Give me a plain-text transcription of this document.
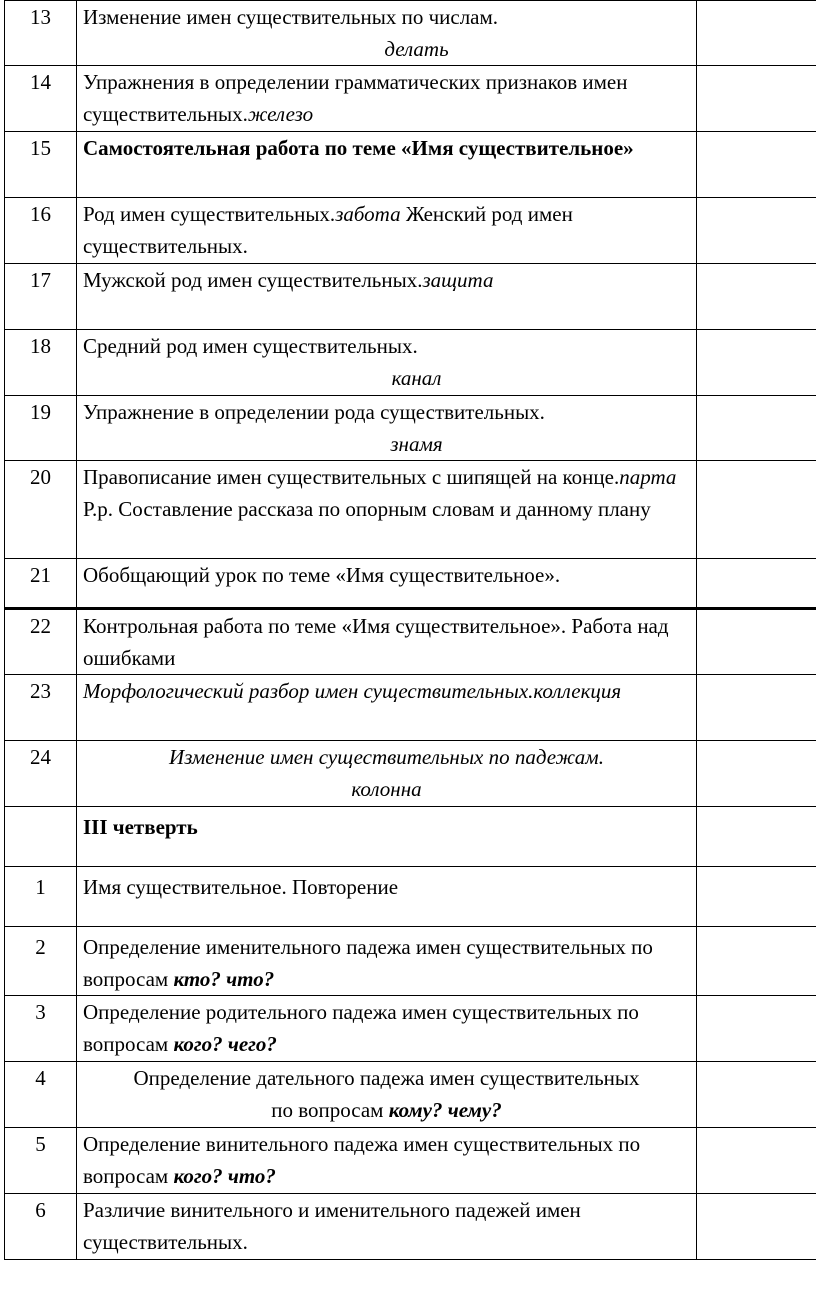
13	Изменение имен существительных по числам.
делать	

14	Упражнения в определении грамматических признаков имен существительных.железо	
15	Самостоятельная работа по теме «Имя существительное»	
16	Род имен существительных.забота Женский род имен существительных.	
17	Мужской род имен существительных.защита	
18	Средний род имен существительных.
канал	

19	Упражнение в определении рода существительных.
знамя	

20	Правописание имен существительных с шипящей на конце.парта Р.р. Составление рассказа по опорным словам и данному плану	
21	Обобщающий урок по теме «Имя существительное».	
22	Контрольная работа по теме «Имя существительное». Работа над ошибками	
23	Морфологический разбор имен существительных.коллекция	
24	Изменение имен существительных по падежам.
колонна	

	III четверть	
1	Имя существительное. Повторение	
2	Определение именительного падежа имен существительных по вопросам кто? что?	
3	Определение родительного падежа имен существительных по вопросам кого? чего?	
4	Определение дательного падежа имен существительных
по вопросам кому? чему?	

5	Определение винительного падежа имен существительных по вопросам кого? что?	
6	Различие винительного и именительного падежей имен существительных.	
